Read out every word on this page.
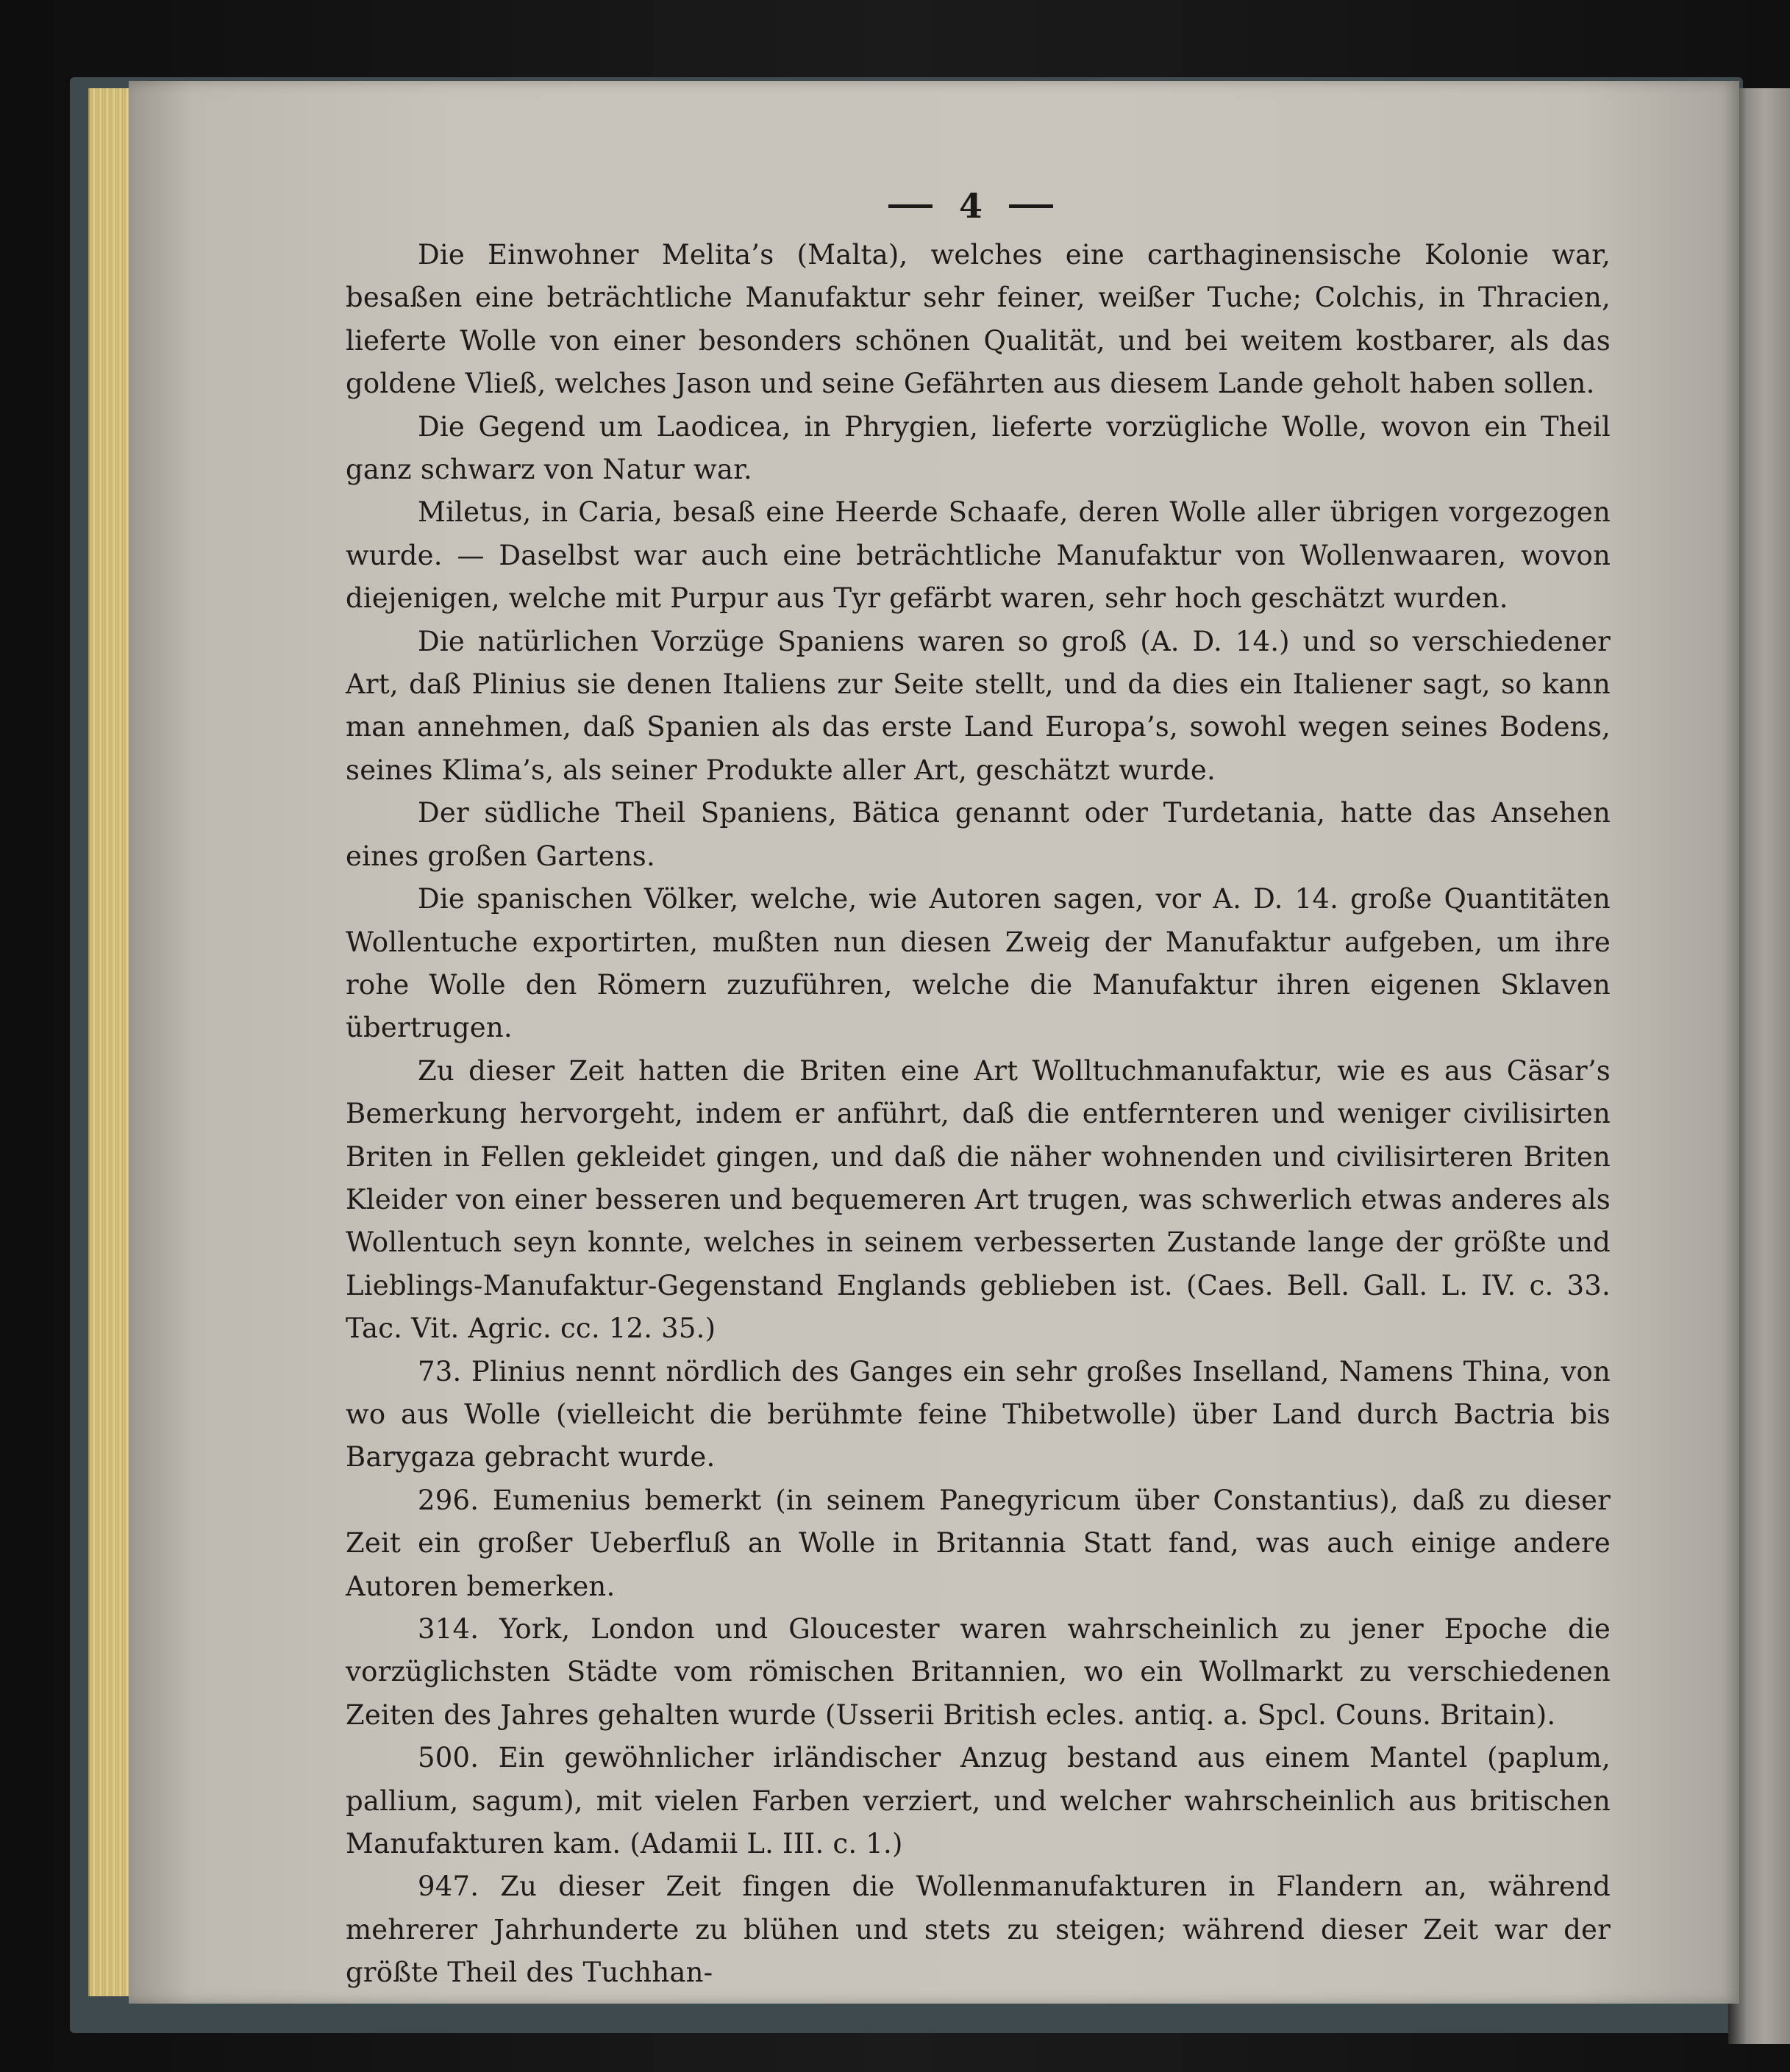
4

Die Einwohner Melita’s (Malta), welches eine carthaginensische Kolonie war, besaßen eine beträchtliche Manufaktur sehr feiner, weißer Tuche; Colchis, in Thracien, lieferte Wolle von einer besonders schönen Qualität, und bei weitem kostbarer, als das goldene Vließ, welches Jason und seine Gefährten aus diesem Lande geholt haben sollen.

Die Gegend um Laodicea, in Phrygien, lieferte vorzügliche Wolle, wovon ein Theil ganz schwarz von Natur war.

Miletus, in Caria, besaß eine Heerde Schaafe, deren Wolle aller übrigen vorgezogen wurde. — Daselbst war auch eine beträchtliche Manufaktur von Wollenwaaren, wovon diejenigen, welche mit Purpur aus Tyr gefärbt waren, sehr hoch geschätzt wurden.

Die natürlichen Vorzüge Spaniens waren so groß (A. D. 14.) und so verschiedener Art, daß Plinius sie denen Italiens zur Seite stellt, und da dies ein Italiener sagt, so kann man annehmen, daß Spanien als das erste Land Europa’s, sowohl wegen seines Bodens, seines Klima’s, als seiner Produkte aller Art, geschätzt wurde.

Der südliche Theil Spaniens, Bätica genannt oder Turdetania, hatte das Ansehen eines großen Gartens.

Die spanischen Völker, welche, wie Autoren sagen, vor A. D. 14. große Quantitäten Wollentuche exportirten, mußten nun diesen Zweig der Manufaktur aufgeben, um ihre rohe Wolle den Römern zuzuführen, welche die Manufaktur ihren eigenen Sklaven übertrugen.

Zu dieser Zeit hatten die Briten eine Art Wolltuchmanufaktur, wie es aus Cäsar’s Bemerkung hervorgeht, indem er anführt, daß die entfernteren und weniger civilisirten Briten in Fellen gekleidet gingen, und daß die näher wohnenden und civilisirteren Briten Kleider von einer besseren und bequemeren Art trugen, was schwerlich etwas anderes als Wollentuch seyn konnte, welches in seinem verbesserten Zustande lange der größte und Lieblings-Manufaktur-Gegenstand Englands geblieben ist. (Caes. Bell. Gall. L. IV. c. 33. Tac. Vit. Agric. cc. 12. 35.)

73. Plinius nennt nördlich des Ganges ein sehr großes Inselland, Namens Thina, von wo aus Wolle (vielleicht die berühmte feine Thibetwolle) über Land durch Bactria bis Barygaza gebracht wurde.

296. Eumenius bemerkt (in seinem Panegyricum über Constantius), daß zu dieser Zeit ein großer Ueberfluß an Wolle in Britannia Statt fand, was auch einige andere Autoren bemerken.

314. York, London und Gloucester waren wahrscheinlich zu jener Epoche die vorzüglichsten Städte vom römischen Britannien, wo ein Wollmarkt zu verschiedenen Zeiten des Jahres gehalten wurde (Usserii British ecles. antiq. a. Spcl. Couns. Britain).

500. Ein gewöhnlicher irländischer Anzug bestand aus einem Mantel (paplum, pallium, sagum), mit vielen Farben verziert, und welcher wahrscheinlich aus britischen Manufakturen kam. (Adamii L. III. c. 1.)

947. Zu dieser Zeit fingen die Wollenmanufakturen in Flandern an, während mehrerer Jahrhunderte zu blühen und stets zu steigen; während dieser Zeit war der größte Theil des Tuchhan-
